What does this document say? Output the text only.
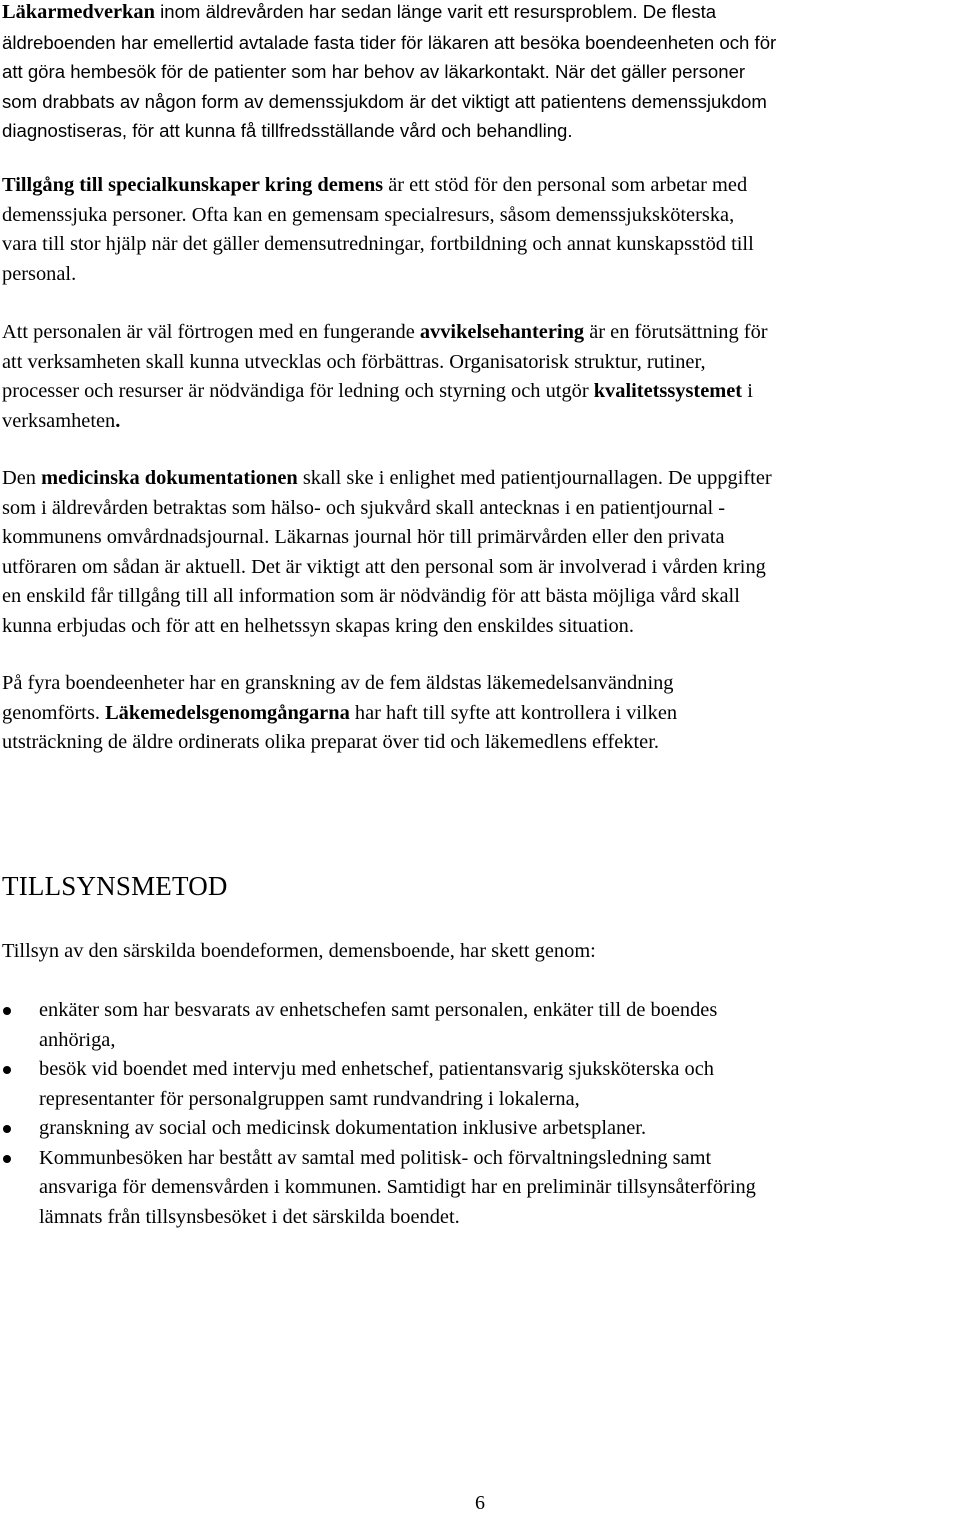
Läkarmedverkan inom äldrevården har sedan länge varit ett resursproblem. De flesta
äldreboenden har emellertid avtalade fasta tider för läkaren att besöka boendeenheten och för
att göra hembesök för de patienter som har behov av läkarkontakt. När det gäller personer
som drabbats av någon form av demenssjukdom är det viktigt att patientens demenssjukdom
diagnostiseras, för att kunna få tillfredsställande vård och behandling.

Tillgång till specialkunskaper kring demens är ett stöd för den personal som arbetar med
demenssjuka personer. Ofta kan en gemensam specialresurs, såsom demenssjuksköterska,
vara till stor hjälp när det gäller demensutredningar, fortbildning och annat kunskapsstöd till
personal.

Att personalen är väl förtrogen med en fungerande avvikelsehantering är en förutsättning för
att verksamheten skall kunna utvecklas och förbättras. Organisatorisk struktur, rutiner,
processer och resurser är nödvändiga för ledning och styrning och utgör kvalitetssystemet i
verksamheten.

Den medicinska dokumentationen skall ske i enlighet med patientjournallagen. De uppgifter
som i äldrevården betraktas som hälso- och sjukvård skall antecknas i en patientjournal -
kommunens omvårdnadsjournal. Läkarnas journal hör till primärvården eller den privata
utföraren om sådan är aktuell. Det är viktigt att den personal som är involverad i vården kring
en enskild får tillgång till all information som är nödvändig för att bästa möjliga vård skall
kunna erbjudas och för att en helhetssyn skapas kring den enskildes situation.

På fyra boendeenheter har en granskning av de fem äldstas läkemedelsanvändning
genomförts. Läkemedelsgenomgångarna har haft till syfte att kontrollera i vilken
utsträckning de äldre ordinerats olika preparat över tid och läkemedlens effekter.

TILLSYNSMETOD

Tillsyn av den särskilda boendeformen, demensboende, har skett genom:

enkäter som har besvarats av enhetschefen samt personalen, enkäter till de boendes
anhöriga,
besök vid boendet med intervju med enhetschef, patientansvarig sjuksköterska och
representanter för personalgruppen samt rundvandring i lokalerna,
granskning av social och medicinsk dokumentation inklusive arbetsplaner.
Kommunbesöken har bestått av samtal med politisk- och förvaltningsledning samt
ansvariga för demensvården i kommunen. Samtidigt har en preliminär tillsynsåterföring
lämnats från tillsynsbesöket i det särskilda boendet.

6
